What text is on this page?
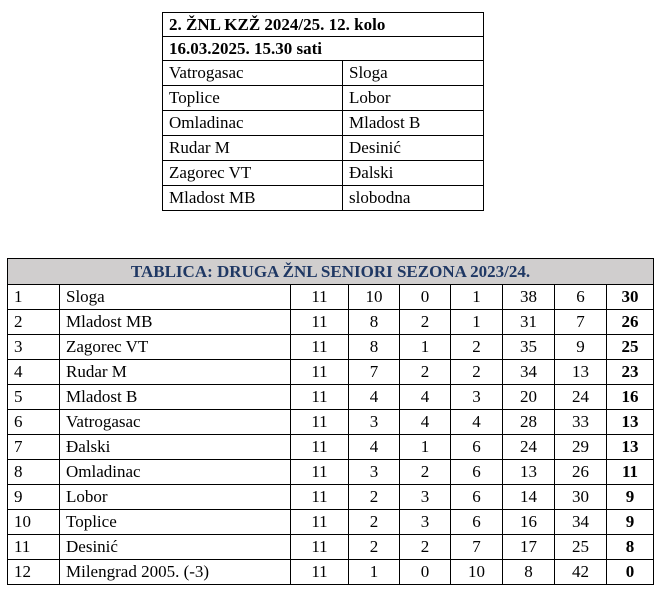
2. ŽNL KZŽ 2024/25. 12. kolo	
16.03.2025. 15.30 sati	
Vatrogasac	Sloga
Toplice	Lobor
Omladinac	Mladost B
Rudar M	Desinić
Zagorec VT	Đalski
Mladost MB	slobodna
TABLICA: DRUGA ŽNL SENIORI SEZONA 2023/24.								
1	Sloga	11	10	0	1	38	6	30
2	Mladost MB	11	8	2	1	31	7	26
3	Zagorec VT	11	8	1	2	35	9	25
4	Rudar M	11	7	2	2	34	13	23
5	Mladost B	11	4	4	3	20	24	16
6	Vatrogasac	11	3	4	4	28	33	13
7	Đalski	11	4	1	6	24	29	13
8	Omladinac	11	3	2	6	13	26	11
9	Lobor	11	2	3	6	14	30	9
10	Toplice	11	2	3	6	16	34	9
11	Desinić	11	2	2	7	17	25	8
12	Milengrad 2005. (-3)	11	1	0	10	8	42	0
